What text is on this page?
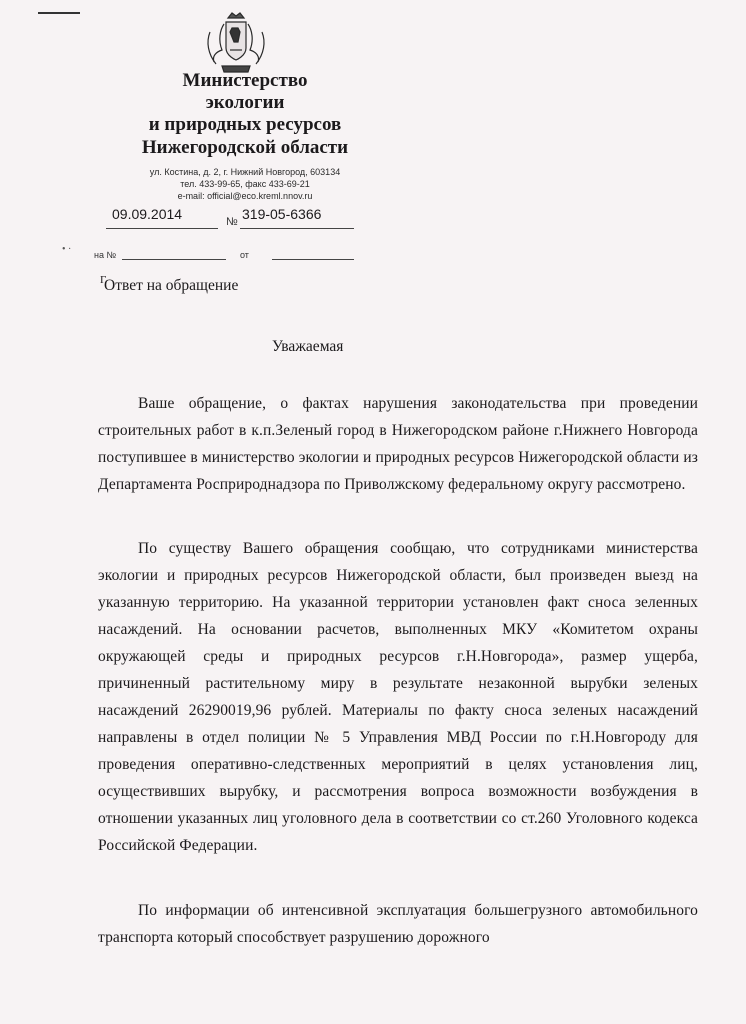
Министерство
экологии
и природных ресурсов
Нижегородской области
ул. Костина, д. 2, г. Нижний Новгород, 603134
тел. 433-99-65, факс 433-69-21
e-mail: official@eco.kreml.nnov.ru
09.09.2014	№ 319-05-6366
• ·	на №	от
Γ
Ответ на обращение
Уважаемая
Ваше обращение, о фактах нарушения законодательства при проведении строительных работ в к.п.Зеленый город в Нижегородском районе г.Нижнего Новгорода поступившее в министерство экологии и природных ресурсов Нижегородской области из Департамента Росприроднадзора по Приволжскому федеральному округу рассмотрено.
По существу Вашего обращения сообщаю, что сотрудниками министерства экологии и природных ресурсов Нижегородской области, был произведен выезд на указанную территорию. На указанной территории установлен факт сноса зеленных насаждений. На основании расчетов, выполненных МКУ «Комитетом охраны окружающей среды и природных ресурсов г.Н.Новгорода», размер ущерба, причиненный растительному миру в результате незаконной вырубки зеленых насаждений 26290019,96 рублей. Материалы по факту сноса зеленых насаждений направлены в отдел полиции № 5 Управления МВД России по г.Н.Новгороду для проведения оперативно-следственных мероприятий в целях установления лиц, осуществивших вырубку, и рассмотрения вопроса возможности возбуждения в отношении указанных лиц уголовного дела в соответствии со ст.260 Уголовного кодекса Российской Федерации.
По информации об интенсивной эксплуатация большегрузного автомобильного транспорта который способствует разрушению дорожного
